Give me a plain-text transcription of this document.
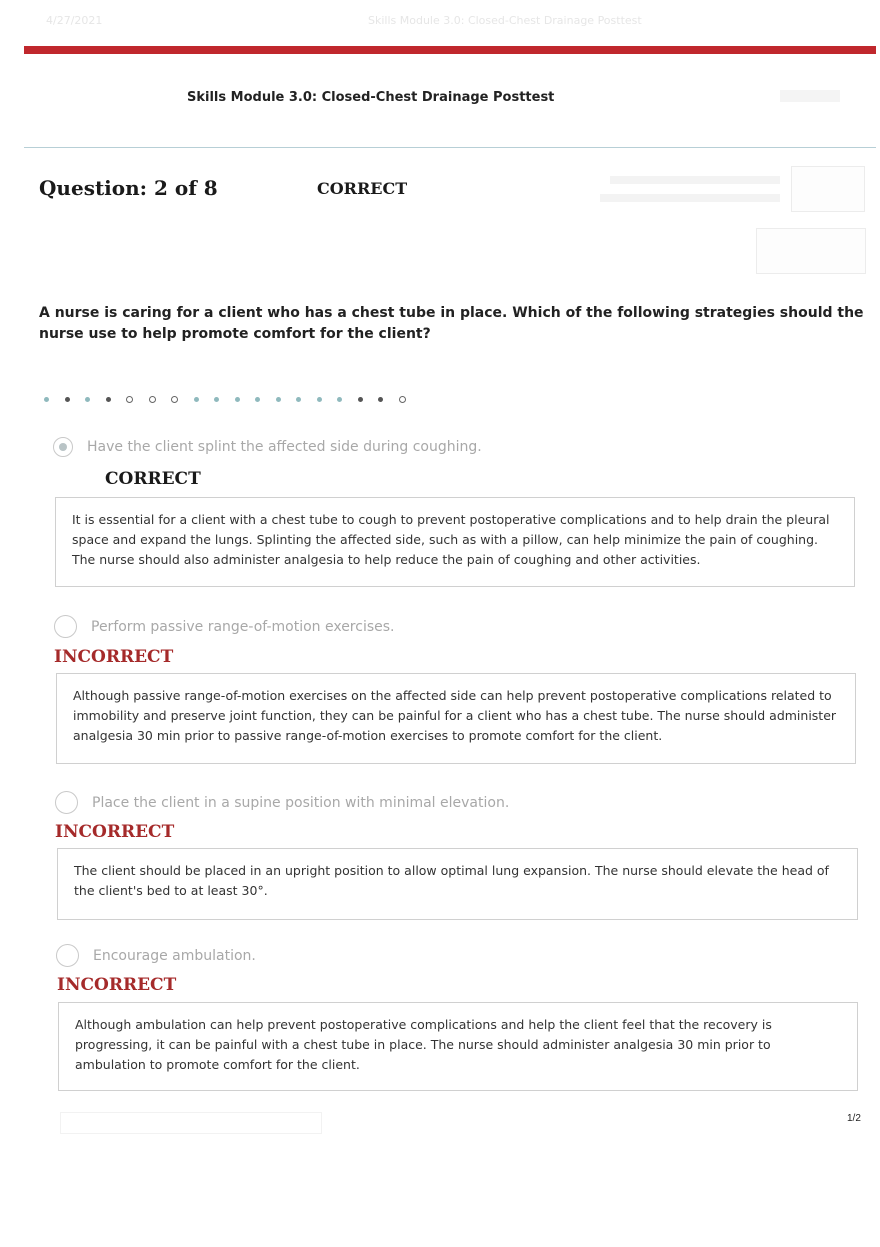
4/27/2021	Skills Module 3.0: Closed-Chest Drainage Posttest
Skills Module 3.0: Closed-Chest Drainage Posttest
Question: 2 of 8	CORRECT
A nurse is caring for a client who has a chest tube in place. Which of the following strategies should the nurse use to help promote comfort for the client?
Have the client splint the affected side during coughing.
CORRECT
It is essential for a client with a chest tube to cough to prevent postoperative complications and to help drain the pleural space and expand the lungs. Splinting the affected side, such as with a pillow, can help minimize the pain of coughing. The nurse should also administer analgesia to help reduce the pain of coughing and other activities.
Perform passive range-of-motion exercises.
INCORRECT
Although passive range-of-motion exercises on the affected side can help prevent postoperative complications related to immobility and preserve joint function, they can be painful for a client who has a chest tube. The nurse should administer analgesia 30 min prior to passive range-of-motion exercises to promote comfort for the client.
Place the client in a supine position with minimal elevation.
INCORRECT
The client should be placed in an upright position to allow optimal lung expansion. The nurse should elevate the head of the client's bed to at least 30°.
Encourage ambulation.
INCORRECT
Although ambulation can help prevent postoperative complications and help the client feel that the recovery is progressing, it can be painful with a chest tube in place. The nurse should administer analgesia 30 min prior to ambulation to promote comfort for the client.
1/2
